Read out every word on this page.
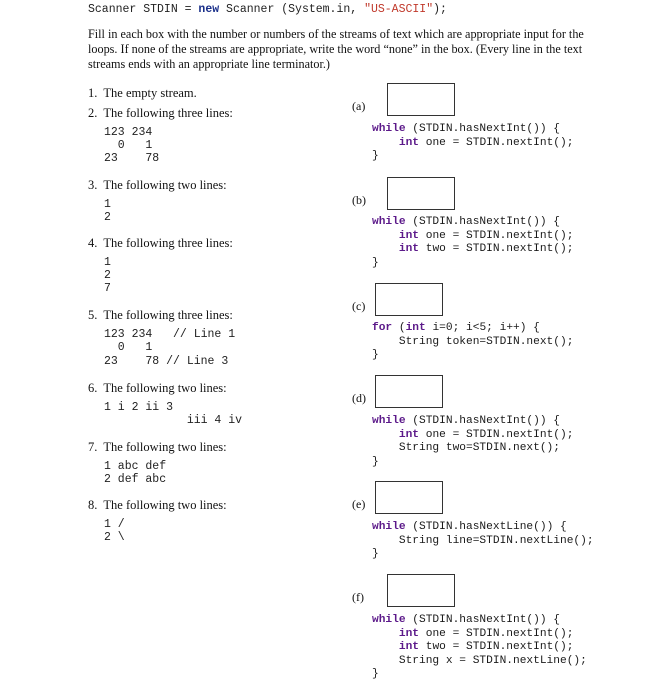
Scanner STDIN = new Scanner (System.in, "US-ASCII");
Fill in each box with the number or numbers of the streams of text which are appropriate input for the loops. If none of the streams are appropriate, write the word “none” in the box. (Every line in the text streams ends with an appropriate line terminator.)
1.  The empty stream.
2.  The following three lines:
123 234
0   1
23    78
3.  The following two lines:
1
2
4.  The following three lines:
1
2
7
5.  The following three lines:
123 234   // Line 1
0   1
23    78 // Line 3
6.  The following two lines:
1 i 2 ii 3
iii 4 iv
7.  The following two lines:
1 abc def
2 def abc
8.  The following two lines:
1 /
2 \
(a)
while (STDIN.hasNextInt()) {
int one = STDIN.nextInt();
}
(b)
while (STDIN.hasNextInt()) {
int one = STDIN.nextInt();
int two = STDIN.nextInt();
}
(c)
for (int i=0; i<5; i++) {
String token=STDIN.next();
}
(d)
while (STDIN.hasNextInt()) {
int one = STDIN.nextInt();
String two=STDIN.next();
}
(e)
while (STDIN.hasNextLine()) {
String line=STDIN.nextLine();
}
(f)
while (STDIN.hasNextInt()) {
int one = STDIN.nextInt();
int two = STDIN.nextInt();
String x = STDIN.nextLine();
}
